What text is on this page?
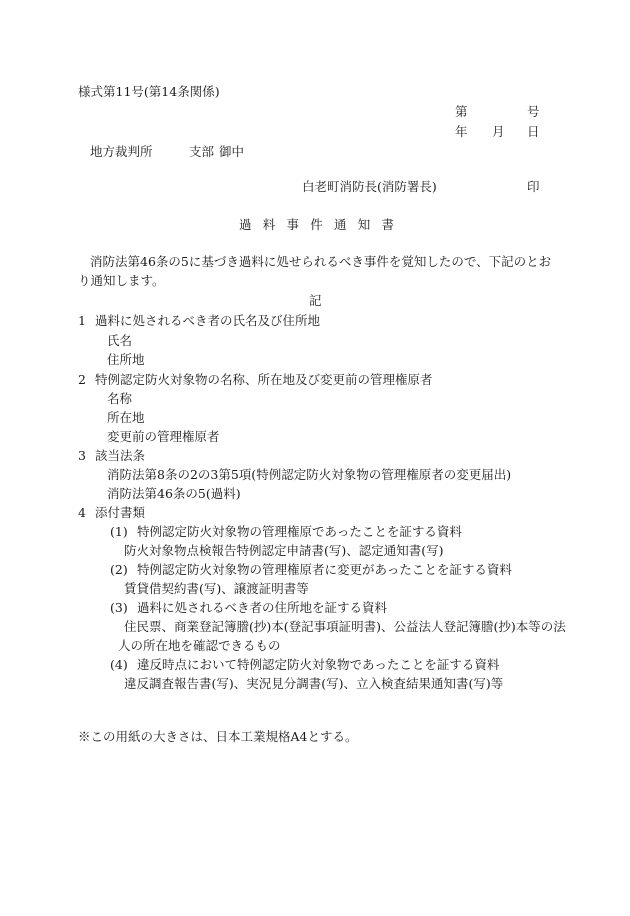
様式第11号(第14条関係)
第	号
年 月 日
地方裁判所	支部 御中
白老町消防長(消防署長)	印
過料事件通知書
消防法第46条の5に基づき過料に処せられるべき事件を覚知したので、下記のとおり通知します。
記
1 過料に処されるべき者の氏名及び住所地
氏名
住所地
2 特例認定防火対象物の名称、所在地及び変更前の管理権原者
名称
所在地
変更前の管理権原者
3 該当法条
消防法第8条の2の3第5項(特例認定防火対象物の管理権原者の変更届出)
消防法第46条の5(過料)
4 添付書類
(1) 特例認定防火対象物の管理権原であったことを証する資料
防火対象物点検報告特例認定申請書(写)、認定通知書(写)
(2) 特例認定防火対象物の管理権原者に変更があったことを証する資料
賃貸借契約書(写)、譲渡証明書等
(3) 過料に処されるべき者の住所地を証する資料
住民票、商業登記簿謄(抄)本(登記事項証明書)、公益法人登記簿謄(抄)本等の法
人の所在地を確認できるもの
(4) 違反時点において特例認定防火対象物であったことを証する資料
違反調査報告書(写)、実況見分調書(写)、立入検査結果通知書(写)等
※この用紙の大きさは、日本工業規格A4とする。
